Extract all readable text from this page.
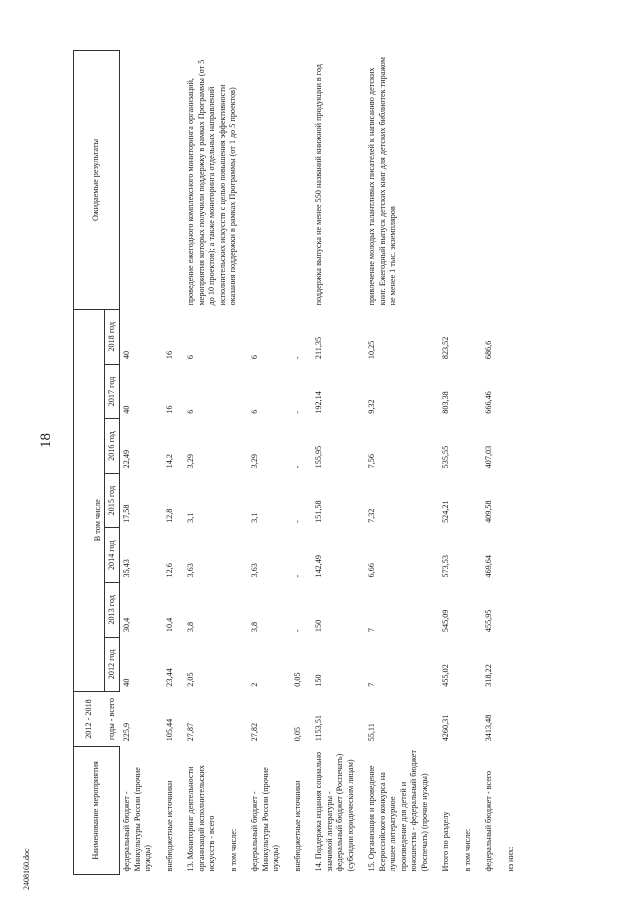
18
2408160.doc
Наименование мероприятия	2012 - 2018	В том числе							Ожидаемые результаты
	годы - всего	2012 год	2013 год	2014 год	2015 год	2016 год	2017 год	2018 год	
федеральный бюджет - Минкультуры России (прочие нужды)	225,9	40	30,4	35,43	17,58	22,49	40	40	
внебюджетные источники	105,44	23,44	10,4	12,6	12,8	14,2	16	16	
13. Мониторинг деятельности организаций исполнительских искусств - всего	27,87	2,05	3,8	3,63	3,1	3,29	6	6	проведение ежегодного комплексного мониторинга организаций, мероприятия которых получили поддержку в рамках Программы (от 5 до 10 проектов); а также мониторинга отдельных направлений исполнительских искусств с целью повышения эффективности оказания поддержки в рамках Программы (от 1 до 5 проектов)
в том числе:									
федеральный бюджет - Минкультуры России (прочие нужды)	27,82	2	3,8	3,63	3,1	3,29	6	6	
внебюджетные источники	0,05	0,05	-	-	-	-	-	-	
14. Поддержка издания социально значимой литературы - федеральный бюджет (Роспечать) (субсидии юридическим лицам)	1153,51	150	150	142,49	151,58	155,95	192,14	211,35	поддержка выпуска не менее 550 названий книжной продукции в год
15. Организация и проведение Всероссийского конкурса на лучшее литературное произведение для детей и юношества - федеральный бюджет (Роспечать) (прочие нужды)	55,11	7	7	6,66	7,32	7,56	9,32	10,25	привлечение молодых талантливых писателей к написанию детских книг. Ежегодный выпуск детских книг для детских библиотек тиражом не менее 1 тыс. экземпляров
Итого по разделу	4260,31	455,02	545,09	573,53	524,21	535,55	803,38	823,52	
в том числе:									
федеральный бюджет - всего	3413,48	318,22	455,95	469,64	409,58	407,03	666,46	686,6	
из них:									
